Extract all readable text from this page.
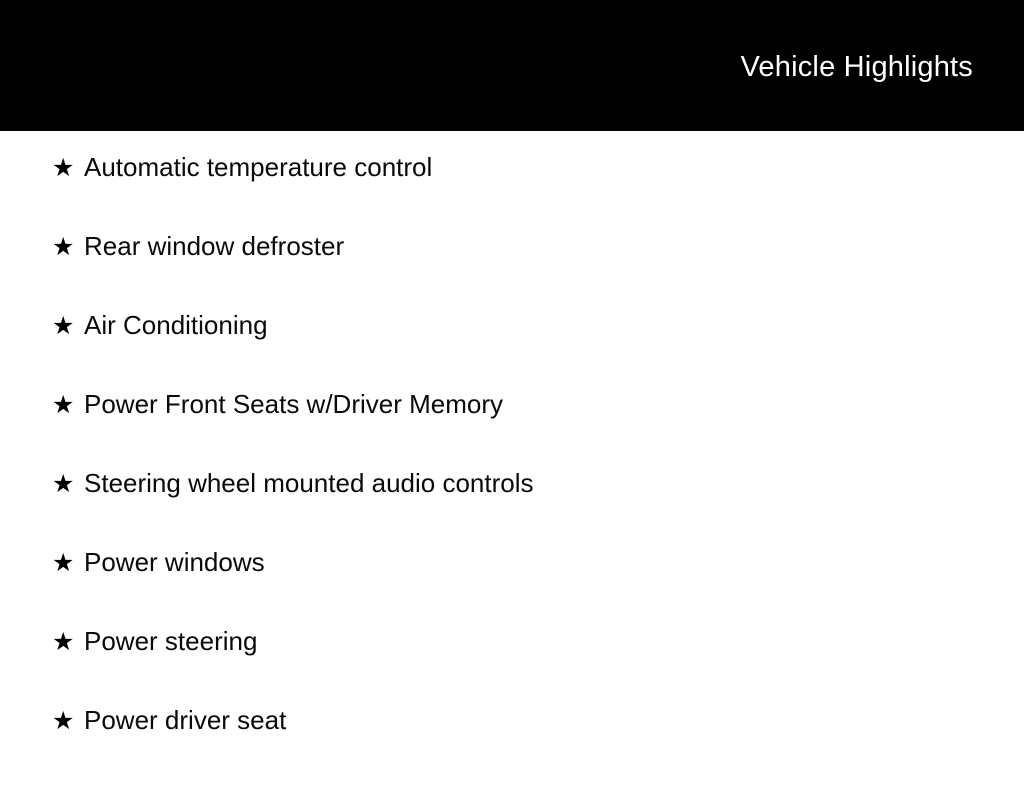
Vehicle Highlights
★ Automatic temperature control
★ Rear window defroster
★ Air Conditioning
★ Power Front Seats w/Driver Memory
★ Steering wheel mounted audio controls
★ Power windows
★ Power steering
★ Power driver seat
